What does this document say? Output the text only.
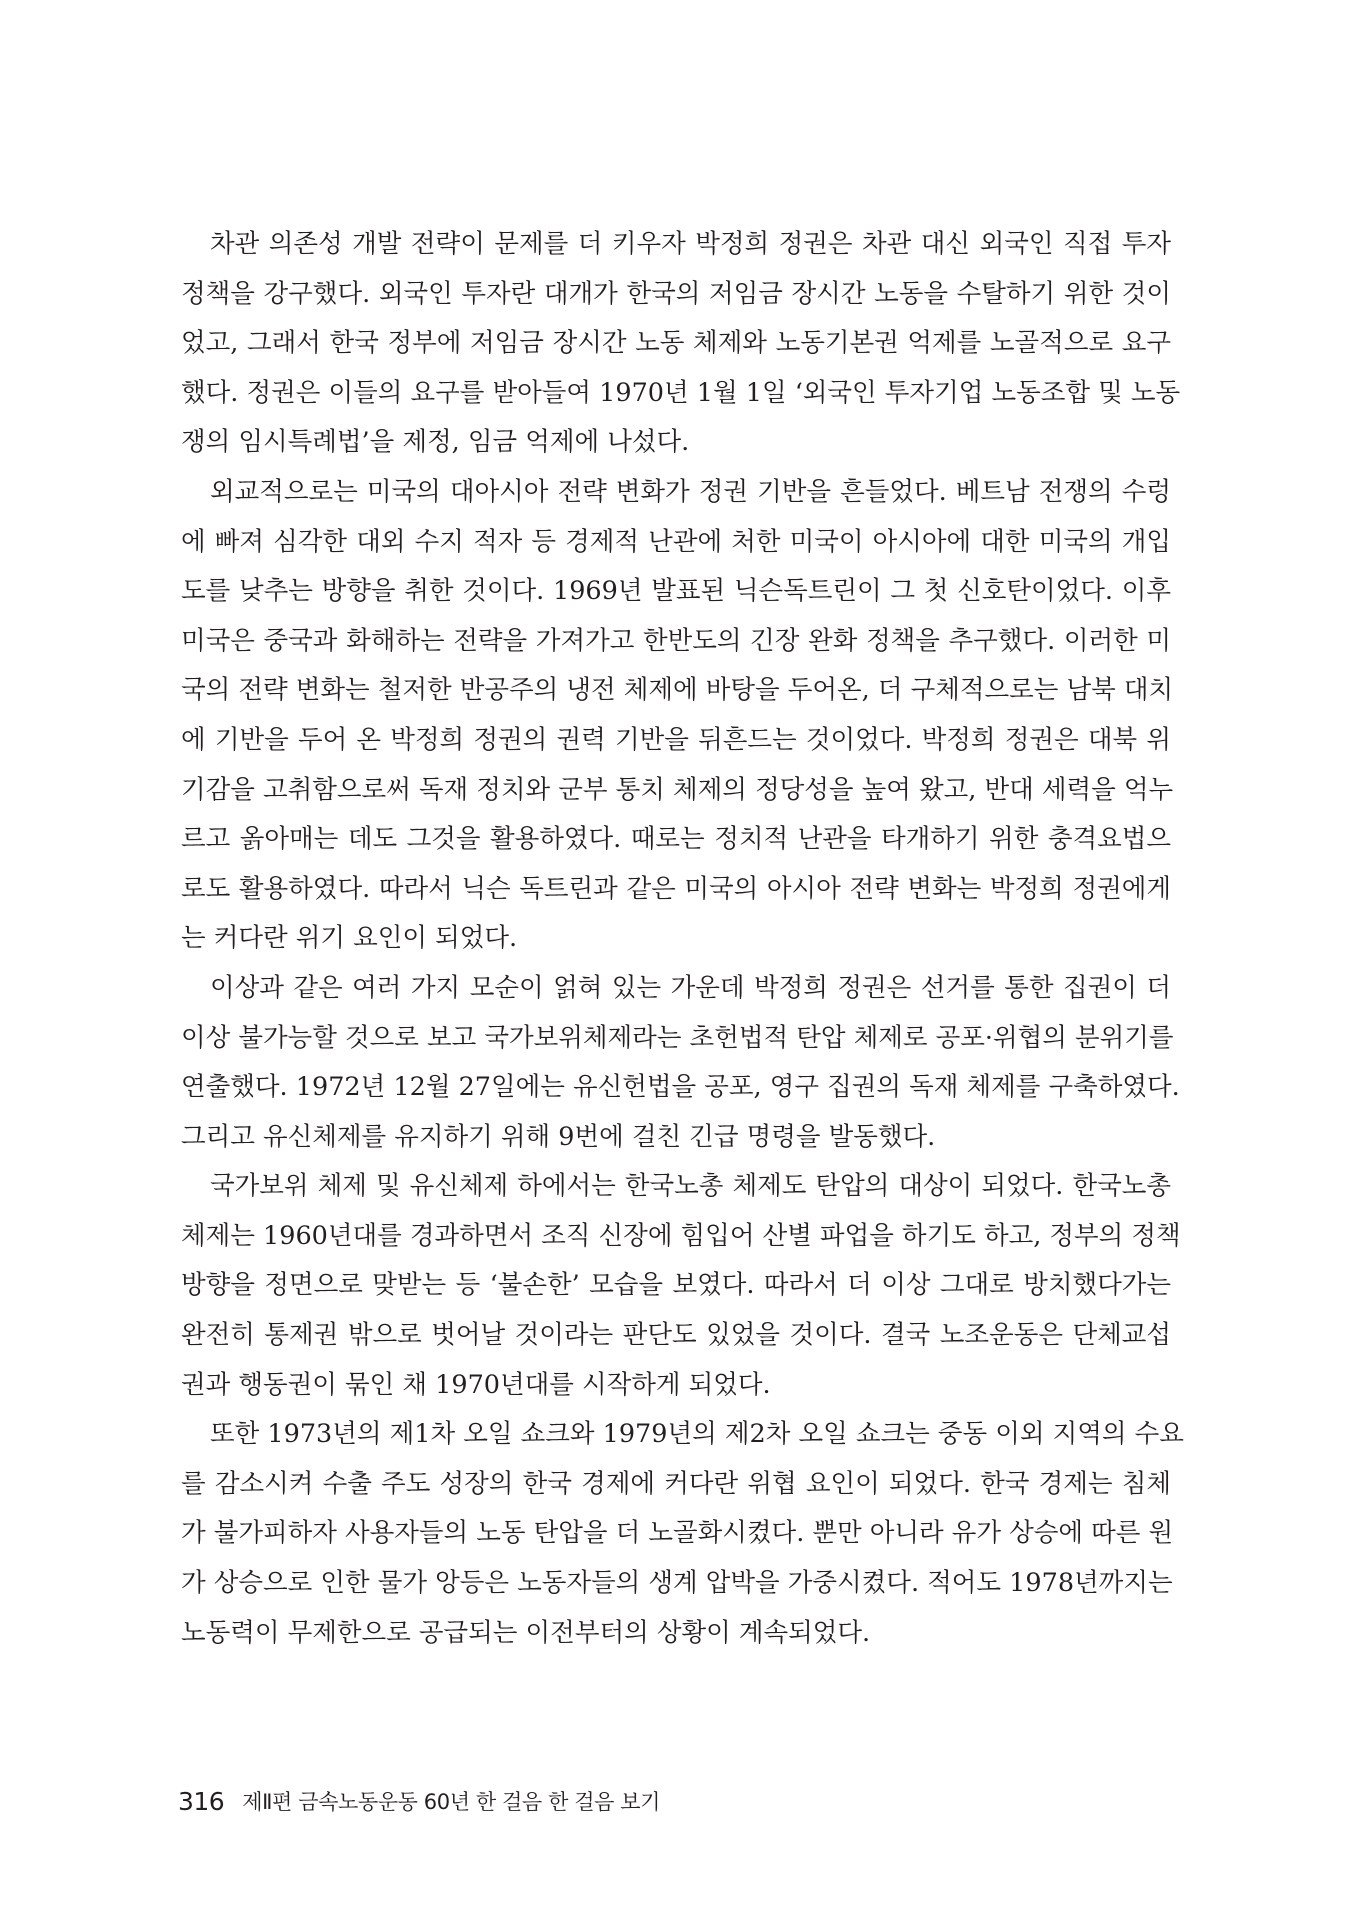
차관 의존성 개발 전략이 문제를 더 키우자 박정희 정권은 차관 대신 외국인 직접 투자
정책을 강구했다. 외국인 투자란 대개가 한국의 저임금 장시간 노동을 수탈하기 위한 것이
었고, 그래서 한국 정부에 저임금 장시간 노동 체제와 노동기본권 억제를 노골적으로 요구
했다. 정권은 이들의 요구를 받아들여 1970년 1월 1일 ‘외국인 투자기업 노동조합 및 노동
쟁의 임시특례법’을 제정, 임금 억제에 나섰다.

외교적으로는 미국의 대아시아 전략 변화가 정권 기반을 흔들었다. 베트남 전쟁의 수렁
에 빠져 심각한 대외 수지 적자 등 경제적 난관에 처한 미국이 아시아에 대한 미국의 개입
도를 낮추는 방향을 취한 것이다. 1969년 발표된 닉슨독트린이 그 첫 신호탄이었다. 이후
미국은 중국과 화해하는 전략을 가져가고 한반도의 긴장 완화 정책을 추구했다. 이러한 미
국의 전략 변화는 철저한 반공주의 냉전 체제에 바탕을 두어온, 더 구체적으로는 남북 대치
에 기반을 두어 온 박정희 정권의 권력 기반을 뒤흔드는 것이었다. 박정희 정권은 대북 위
기감을 고취함으로써 독재 정치와 군부 통치 체제의 정당성을 높여 왔고, 반대 세력을 억누
르고 옭아매는 데도 그것을 활용하였다. 때로는 정치적 난관을 타개하기 위한 충격요법으
로도 활용하였다. 따라서 닉슨 독트린과 같은 미국의 아시아 전략 변화는 박정희 정권에게
는 커다란 위기 요인이 되었다.

이상과 같은 여러 가지 모순이 얽혀 있는 가운데 박정희 정권은 선거를 통한 집권이 더
이상 불가능할 것으로 보고 국가보위체제라는 초헌법적 탄압 체제로 공포·위협의 분위기를
연출했다. 1972년 12월 27일에는 유신헌법을 공포, 영구 집권의 독재 체제를 구축하였다.
그리고 유신체제를 유지하기 위해 9번에 걸친 긴급 명령을 발동했다.

국가보위 체제 및 유신체제 하에서는 한국노총 체제도 탄압의 대상이 되었다. 한국노총
체제는 1960년대를 경과하면서 조직 신장에 힘입어 산별 파업을 하기도 하고, 정부의 정책
방향을 정면으로 맞받는 등 ‘불손한’ 모습을 보였다. 따라서 더 이상 그대로 방치했다가는
완전히 통제권 밖으로 벗어날 것이라는 판단도 있었을 것이다. 결국 노조운동은 단체교섭
권과 행동권이 묶인 채 1970년대를 시작하게 되었다.

또한 1973년의 제1차 오일 쇼크와 1979년의 제2차 오일 쇼크는 중동 이외 지역의 수요
를 감소시켜 수출 주도 성장의 한국 경제에 커다란 위협 요인이 되었다. 한국 경제는 침체
가 불가피하자 사용자들의 노동 탄압을 더 노골화시켰다. 뿐만 아니라 유가 상승에 따른 원
가 상승으로 인한 물가 앙등은 노동자들의 생계 압박을 가중시켰다. 적어도 1978년까지는
노동력이 무제한으로 공급되는 이전부터의 상황이 계속되었다.

316 제Ⅱ편 금속노동운동 60년 한 걸음 한 걸음 보기
